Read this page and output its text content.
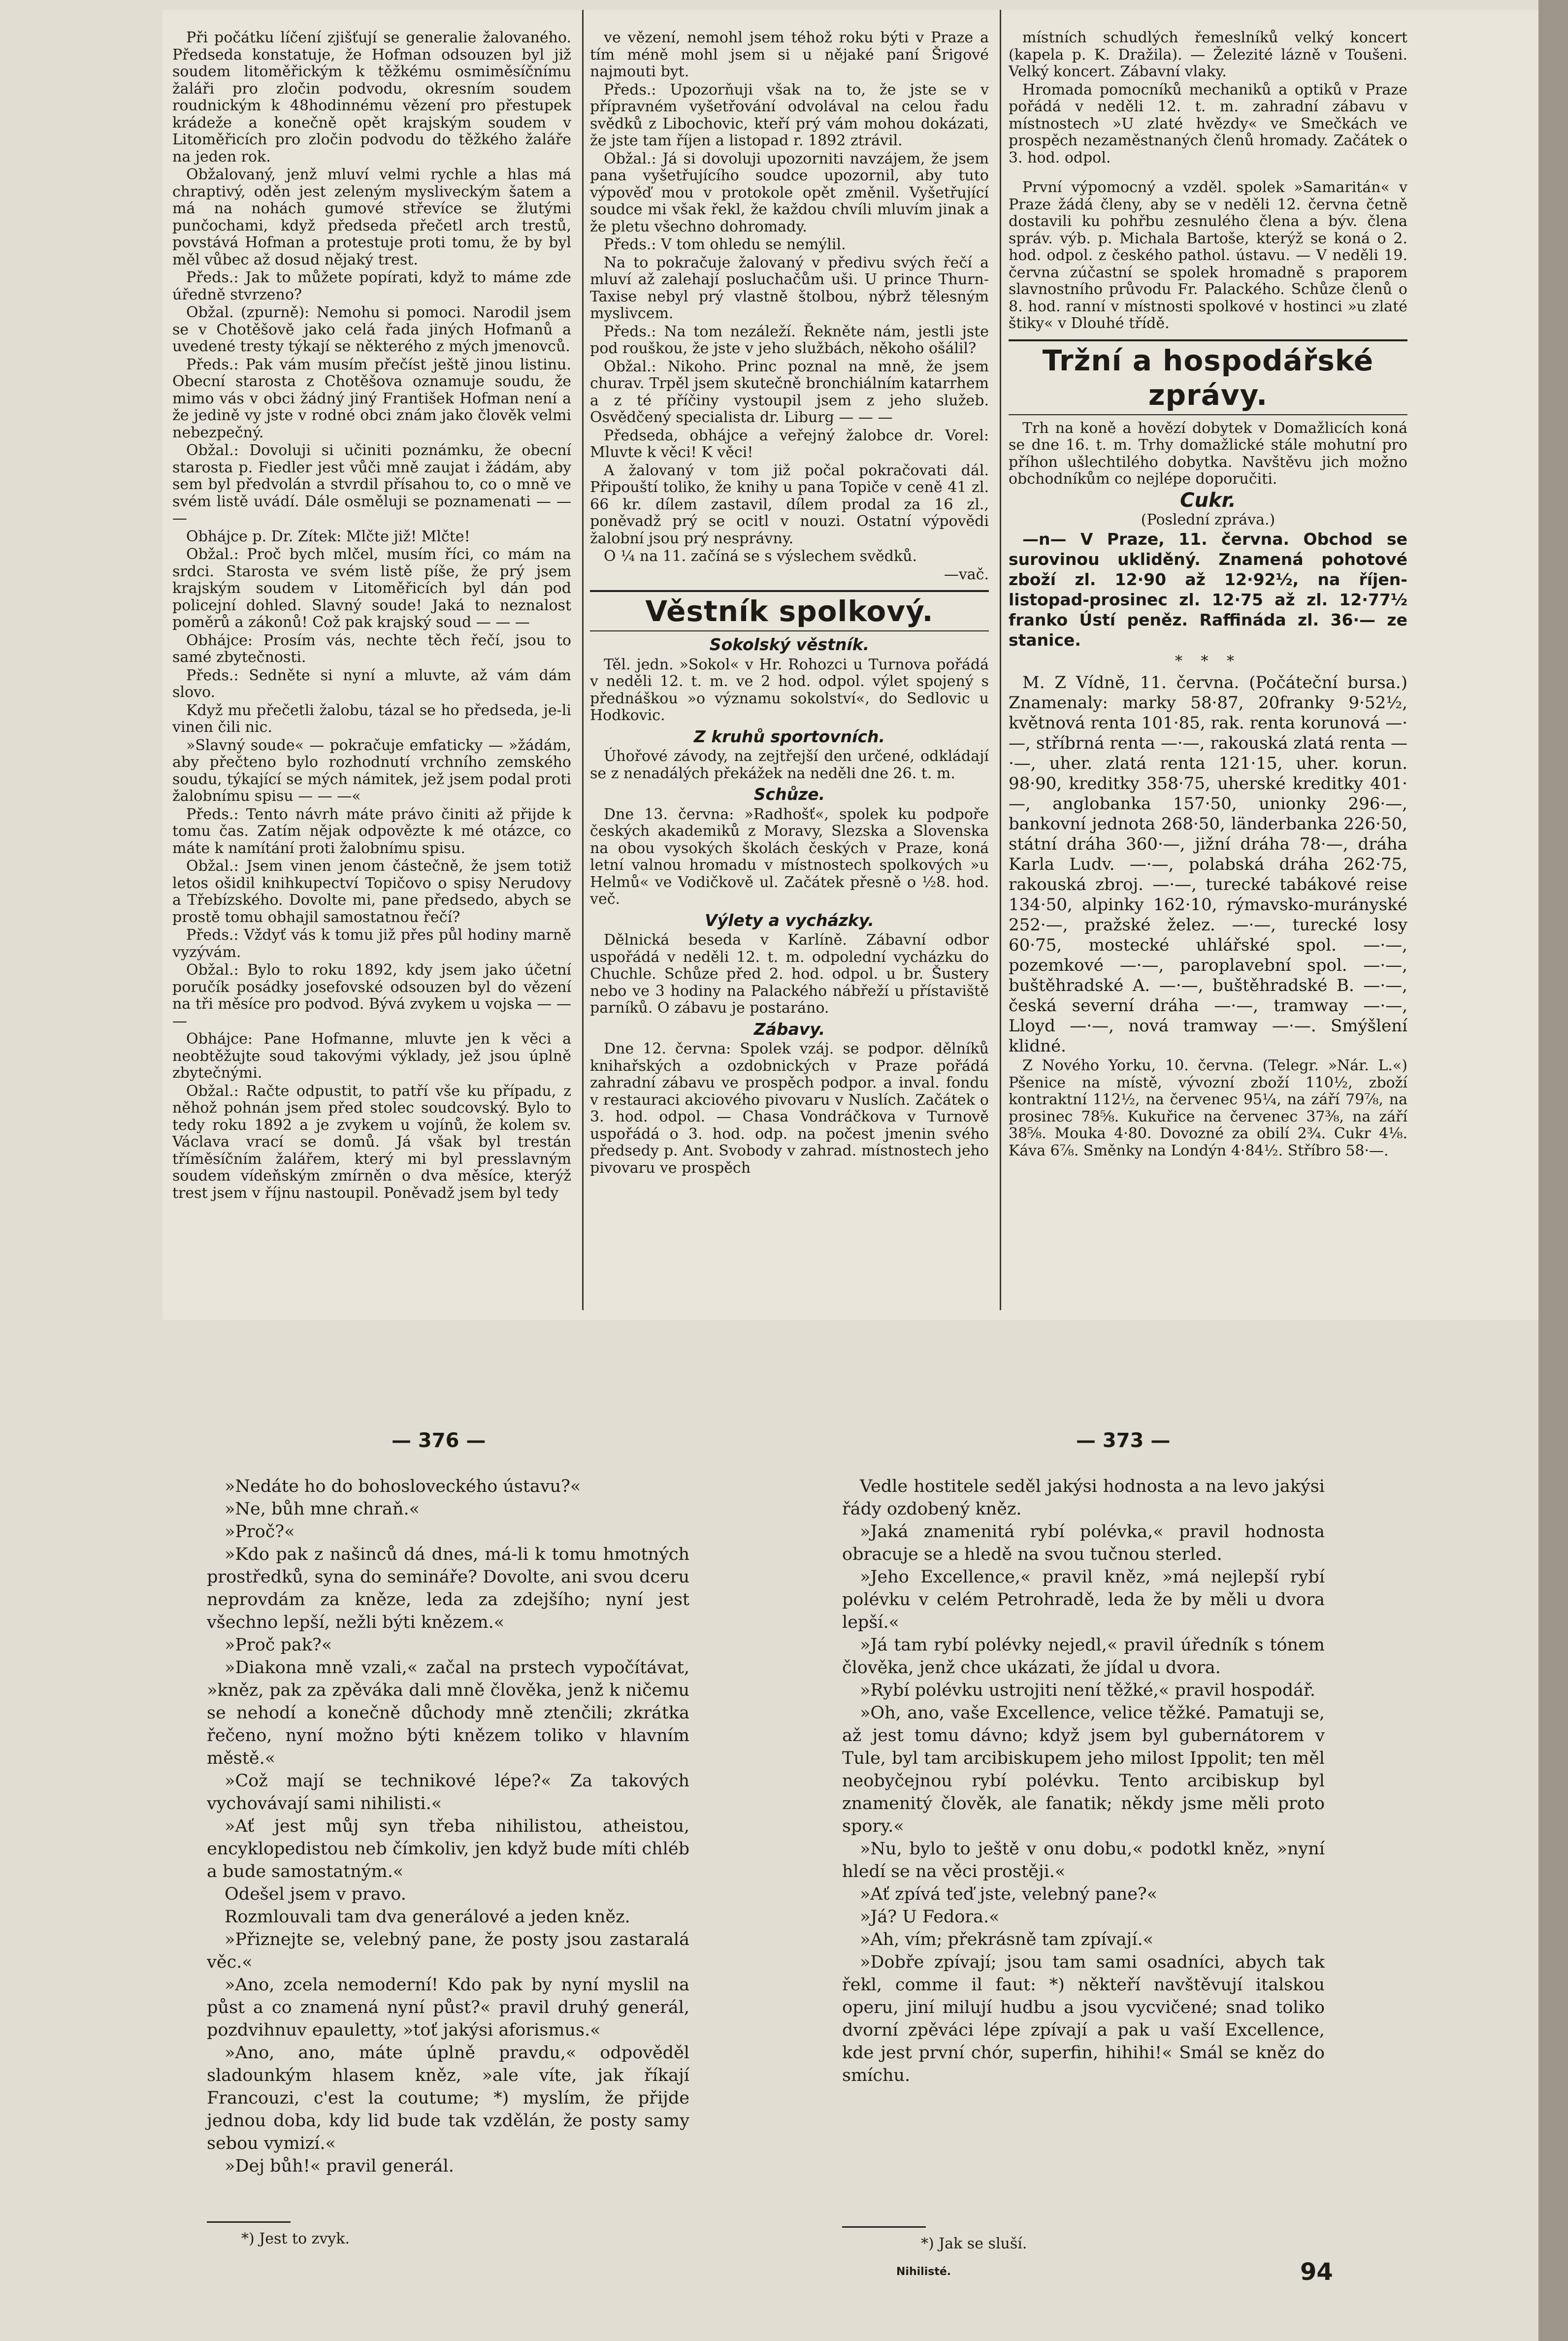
Při počátku líčení zjišťují se generalie žalovaného. Předseda konstatuje, že Hofman odsouzen byl již soudem litoměřickým k těžkému osmiměsíčnímu žaláři pro zločin podvodu, okresním soudem roudnickým k 48hodinnému vězení pro přestupek krádeže a konečně opět krajským soudem v Litoměřicích pro zločin podvodu do těžkého žaláře na jeden rok.

Obžalovaný, jenž mluví velmi rychle a hlas má chraptivý, oděn jest zeleným mysliveckým šatem a má na nohách gumové střevíce se žlutými punčochami, když předseda přečetl arch trestů, povstává Hofman a protestuje proti tomu, že by byl měl vůbec až dosud nějaký trest.

Předs.: Jak to můžete popírati, když to máme zde úředně stvrzeno?

Obžal. (zpurně): Nemohu si pomoci. Narodil jsem se v Chotěšově jako celá řada jiných Hofmanů a uvedené tresty týkají se některého z mých jmenovců.

Předs.: Pak vám musím přečíst ještě jinou listinu. Obecní starosta z Chotěšova oznamuje soudu, že mimo vás v obci žádný jiný František Hofman není a že jedině vy jste v rodné obci znám jako člověk velmi nebezpečný.

Obžal.: Dovoluji si učiniti poznámku, že obecní starosta p. Fiedler jest vůči mně zaujat i žádám, aby sem byl předvolán a stvrdil přísahou to, co o mně ve svém listě uvádí. Dále osměluji se poznamenati — — —

Obhájce p. Dr. Zítek: Mlčte již! Mlčte!

Obžal.: Proč bych mlčel, musím říci, co mám na srdci. Starosta ve svém listě píše, že prý jsem krajským soudem v Litoměřicích byl dán pod policejní dohled. Slavný soude! Jaká to neznalost poměrů a zákonů! Což pak krajský soud — — —

Obhájce: Prosím vás, nechte těch řečí, jsou to samé zbytečnosti.

Předs.: Sedněte si nyní a mluvte, až vám dám slovo.

Když mu přečetli žalobu, tázal se ho předseda, je-li vinen čili nic.

»Slavný soude« — pokračuje emfaticky — »žádám, aby přečteno bylo rozhodnutí vrchního zemského soudu, týkající se mých námitek, jež jsem podal proti žalobnímu spisu — — —«

Předs.: Tento návrh máte právo činiti až přijde k tomu čas. Zatím nějak odpovězte k mé otázce, co máte k namítání proti žalobnímu spisu.

Obžal.: Jsem vinen jenom částečně, že jsem totiž letos ošidil knihkupectví Topičovo o spisy Nerudovy a Třebízského. Dovolte mi, pane předsedo, abych se prostě tomu obhajil samostatnou řečí?

Předs.: Vždyť vás k tomu již přes půl hodiny marně vyzývám.

Obžal.: Bylo to roku 1892, kdy jsem jako účetní poručík posádky josefovské odsouzen byl do vězení na tři měsíce pro podvod. Bývá zvykem u vojska — — —

Obhájce: Pane Hofmanne, mluvte jen k věci a neobtěžujte soud takovými výklady, jež jsou úplně zbytečnými.

Obžal.: Račte odpustit, to patří vše ku případu, z něhož pohnán jsem před stolec soudcovský. Bylo to tedy roku 1892 a je zvykem u vojínů, že kolem sv. Václava vrací se domů. Já však byl trestán tříměsíčním žalářem, který mi byl presslavným soudem vídeňským zmírněn o dva měsíce, kterýž trest jsem v říjnu nastoupil. Poněvadž jsem byl tedy

ve vězení, nemohl jsem téhož roku býti v Praze a tím méně mohl jsem si u nějaké paní Šrigové najmouti byt.

Předs.: Upozorňuji však na to, že jste se v přípravném vyšetřování odvolával na celou řadu svědků z Libochovic, kteří prý vám mohou dokázati, že jste tam říjen a listopad r. 1892 ztrávil.

Obžal.: Já si dovoluji upozorniti navzájem, že jsem pana vyšetřujícího soudce upozornil, aby tuto výpověď mou v protokole opět změnil. Vyšetřující soudce mi však řekl, že každou chvíli mluvím jinak a že pletu všechno dohromady.

Předs.: V tom ohledu se nemýlil.

Na to pokračuje žalovaný v předivu svých řečí a mluví až zalehají posluchačům uši. U prince Thurn-Taxise nebyl prý vlastně štolbou, nýbrž tělesným myslivcem.

Předs.: Na tom nezáleží. Řekněte nám, jestli jste pod rouškou, že jste v jeho službách, někoho ošálil?

Obžal.: Nikoho. Princ poznal na mně, že jsem churav. Trpěl jsem skutečně bronchiálním katarrhem a z té příčiny vystoupil jsem z jeho služeb. Osvědčený specialista dr. Liburg — — —

Předseda, obhájce a veřejný žalobce dr. Vorel: Mluvte k věci! K věci!

A žalovaný v tom již počal pokračovati dál. Připouští toliko, že knihy u pana Topiče v ceně 41 zl. 66 kr. dílem zastavil, dílem prodal za 16 zl., poněvadž prý se ocitl v nouzi. Ostatní výpovědi žalobní jsou prý nesprávny.

O ¼ na 11. začíná se s výslechem svědků.

—vač.
Věstník spolkový.
Sokolský věstník.

Těl. jedn. »Sokol« v Hr. Rohozci u Turnova pořádá v neděli 12. t. m. ve 2 hod. odpol. výlet spojený s přednáškou »o významu sokolství«, do Sedlovic u Hodkovic.

Z kruhů sportovních.

Úhořové závody, na zejtřejší den určené, odkládají se z nenadálých překážek na neděli dne 26. t. m.

Schůze.

Dne 13. června: »Radhošť«, spolek ku podpoře českých akademiků z Moravy, Slezska a Slovenska na obou vysokých školách českých v Praze, koná letní valnou hromadu v místnostech spolkových »u Helmů« ve Vodičkově ul. Začátek přesně o ½8. hod. več.

Výlety a vycházky.

Dělnická beseda v Karlíně. Zábavní odbor uspořádá v neděli 12. t. m. odpolední vycházku do Chuchle. Schůze před 2. hod. odpol. u br. Šustery nebo ve 3 hodiny na Palackého nábřeží u přístaviště parníků. O zábavu je postaráno.

Zábavy.

Dne 12. června: Spolek vzáj. se podpor. dělníků knihařských a ozdobnických v Praze pořádá zahradní zábavu ve prospěch podpor. a inval. fondu v restauraci akciového pivovaru v Nuslích. Začátek o 3. hod. odpol. — Chasa Vondráčkova v Turnově uspořádá o 3. hod. odp. na počest jmenin svého předsedy p. Ant. Svobody v zahrad. místnostech jeho pivovaru ve prospěch

místních schudlých řemeslníků velký koncert (kapela p. K. Dražila). — Železité lázně v Toušeni. Velký koncert. Zábavní vlaky.

Hromada pomocníků mechaniků a optiků v Praze pořádá v neděli 12. t. m. zahradní zábavu v místnostech »U zlaté hvězdy« ve Smečkách ve prospěch nezaměstnaných členů hromady. Začátek o 3. hod. odpol.

První výpomocný a vzděl. spolek »Samaritán« v Praze žádá členy, aby se v neděli 12. června četně dostavili ku pohřbu zesnulého člena a býv. člena správ. výb. p. Michala Bartoše, kterýž se koná o 2. hod. odpol. z českého pathol. ústavu. — V neděli 19. června zúčastní se spolek hromadně s praporem slavnostního průvodu Fr. Palackého. Schůze členů o 8. hod. ranní v místnosti spolkové v hostinci »u zlaté štiky« v Dlouhé třídě.

Tržní a hospodářské zprávy.

Trh na koně a hovězí dobytek v Domažlicích koná se dne 16. t. m. Trhy domažlické stále mohutní pro příhon ušlechtilého dobytka. Navštěvu jich možno obchodníkům co nejlépe doporučiti.

Cukr.
(Poslední zpráva.)

—n— V Praze, 11. června. Obchod se surovinou ukliděný. Znamená pohotové zboží zl. 12·90 až 12·92½, na říjen-listopad-prosinec zl. 12·75 až zl. 12·77½ franko Ústí peněz. Raffináda zl. 36·— ze stanice.

* * *

M. Z Vídně, 11. června. (Počáteční bursa.) Znamenaly: marky 58·87, 20franky 9·52½, květnová renta 101·85, rak. renta korunová —·—, stříbrná renta —·—, rakouská zlatá renta —·—, uher. zlatá renta 121·15, uher. korun. 98·90, kreditky 358·75, uherské kreditky 401·—, anglobanka 157·50, unionky 296·—, bankovní jednota 268·50, länderbanka 226·50, státní dráha 360·—, jižní dráha 78·—, dráha Karla Ludv. —·—, polabská dráha 262·75, rakouská zbroj. —·—, turecké tabákové reise 134·50, alpinky 162·10, rýmavsko-murányské 252·—, pražské želez. —·—, turecké losy 60·75, mostecké uhlářské spol. —·—, pozemkové —·—, paroplavební spol. —·—, buštěhradské A. —·—, buštěhradské B. —·—, česká severní dráha —·—, tramway —·—, Lloyd —·—, nová tramway —·—. Smýšlení klidné.

Z Nového Yorku, 10. června. (Telegr. »Nár. L.«) Pšenice na místě, vývozní zboží 110½, zboží kontraktní 112½, na červenec 95¼, na září 79⅞, na prosinec 78⅝. Kukuřice na červenec 37⅜, na září 38⅝. Mouka 4·80. Dovozné za obilí 2¾. Cukr 4⅛. Káva 6⅞. Směnky na Londýn 4·84½. Stříbro 58·—.

— 376 —	— 373 —

»Nedáte ho do bohosloveckého ústavu?«

»Ne, bůh mne chraň.«

»Proč?«

»Kdo pak z našinců dá dnes, má-li k tomu hmotných prostředků, syna do semináře? Dovolte, ani svou dceru neprovdám za kněze, leda za zdejšího; nyní jest všechno lepší, nežli býti knězem.«

»Proč pak?«

»Diakona mně vzali,« začal na prstech vypočítávat, »kněz, pak za zpěváka dali mně člověka, jenž k ničemu se nehodí a konečně důchody mně ztenčili; zkrátka řečeno, nyní možno býti knězem toliko v hlavním městě.«

»Což mají se technikové lépe?« Za takových vychovávají sami nihilisti.«

»Ať jest můj syn třeba nihilistou, atheistou, encyklopedistou neb čímkoliv, jen když bude míti chléb a bude samostatným.«

Odešel jsem v pravo.

Rozmlouvali tam dva generálové a jeden kněz.

»Přiznejte se, velebný pane, že posty jsou zastaralá věc.«

»Ano, zcela nemoderní! Kdo pak by nyní myslil na půst a co znamená nyní půst?« pravil druhý generál, pozdvihnuv epauletty, »toť jakýsi aforismus.«

»Ano, ano, máte úplně pravdu,« odpověděl sladounkým hlasem kněz, »ale víte, jak říkají Francouzi, c'est la coutume; *) myslím, že přijde jednou doba, kdy lid bude tak vzdělán, že posty samy sebou vymizí.«

»Dej bůh!« pravil generál.

*) Jest to zvyk.

Vedle hostitele seděl jakýsi hodnosta a na levo jakýsi řády ozdobený kněz.

»Jaká znamenitá rybí polévka,« pravil hodnosta obracuje se a hledě na svou tučnou sterled.

»Jeho Excellence,« pravil kněz, »má nejlepší rybí polévku v celém Petrohradě, leda že by měli u dvora lepší.«

»Já tam rybí polévky nejedl,« pravil úředník s tónem člověka, jenž chce ukázati, že jídal u dvora.

»Rybí polévku ustrojiti není těžké,« pravil hospodář.

»Oh, ano, vaše Excellence, velice těžké. Pamatuji se, až jest tomu dávno; když jsem byl gubernátorem v Tule, byl tam arcibiskupem jeho milost Ippolit; ten měl neobyčejnou rybí polévku. Tento arcibiskup byl znamenitý člověk, ale fanatik; někdy jsme měli proto spory.«

»Nu, bylo to ještě v onu dobu,« podotkl kněz, »nyní hledí se na věci prostěji.«

»Ať zpívá teď jste, velebný pane?«

»Já? U Fedora.«

»Ah, vím; překrásně tam zpívají.«

»Dobře zpívají; jsou tam sami osadníci, abych tak řekl, comme il faut: *) někteří navštěvují italskou operu, jiní milují hudbu a jsou vycvičené; snad toliko dvorní zpěváci lépe zpívají a pak u vaší Excellence, kde jest první chór, superfin, hihihi!« Smál se kněz do smíchu.

*) Jak se sluší.
Nihilisté.	94
